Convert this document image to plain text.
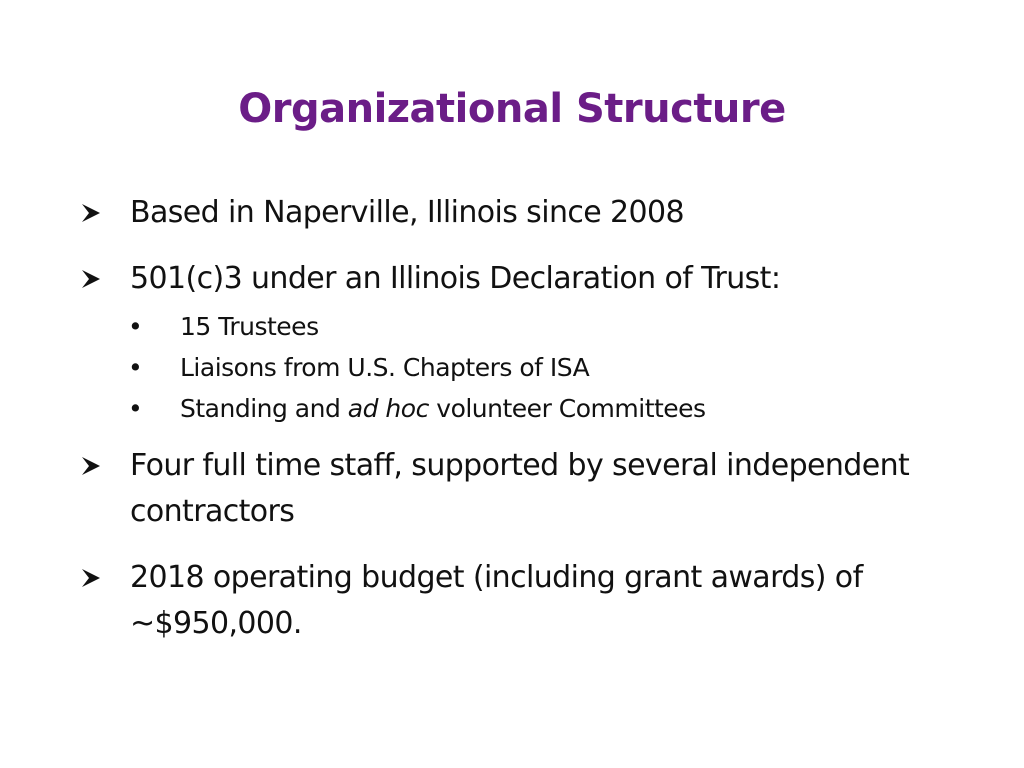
Organizational Structure
Based in Naperville, Illinois since 2008
501(c)3 under an Illinois Declaration of Trust:
•	15 Trustees
•	Liaisons from U.S. Chapters of ISA
•	Standing and ad hoc volunteer Committees
Four full time staff, supported by several independent contractors
2018 operating budget (including grant awards) of ~$950,000.
